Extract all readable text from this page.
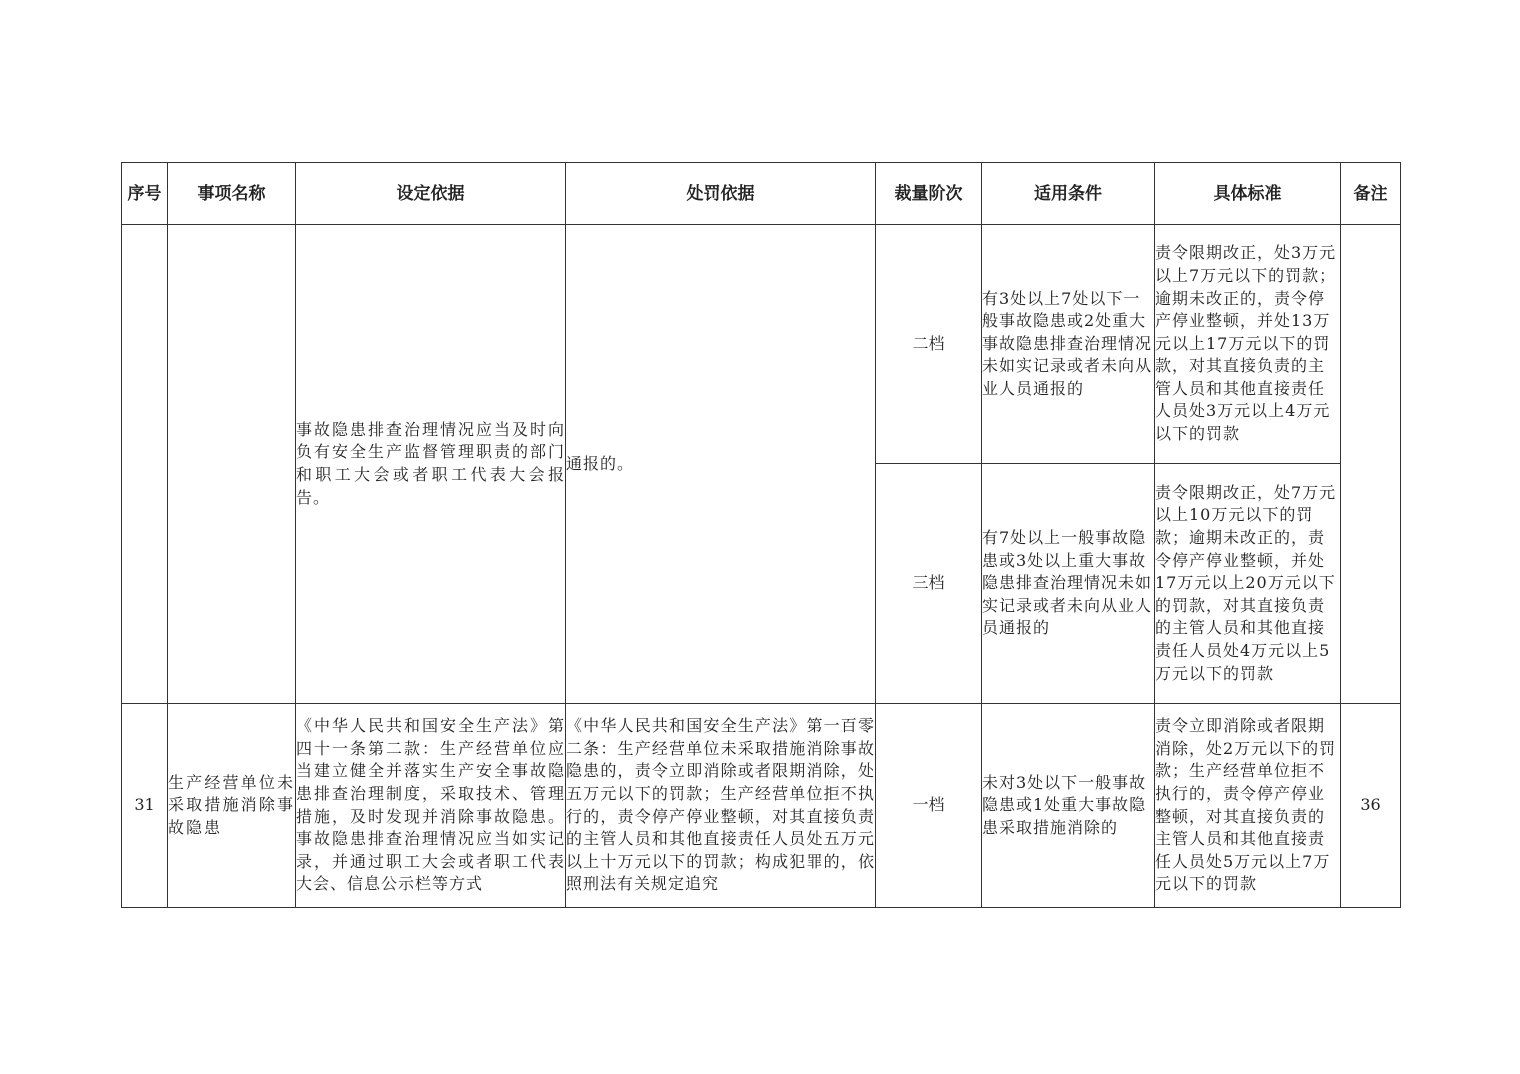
序号	事项名称	设定依据	处罚依据	裁量阶次	适用条件	具体标准	备注
		事故隐患排查治理情况应当及时向负有安全生产监督管理职责的部门和职工大会或者职工代表大会报告。	通报的。	二档	有3处以上7处以下一般事故隐患或2处重大事故隐患排查治理情况未如实记录或者未向从业人员通报的	责令限期改正，处3万元以上7万元以下的罚款；逾期未改正的，责令停产停业整顿，并处13万元以上17万元以下的罚款，对其直接负责的主管人员和其他直接责任人员处3万元以上4万元以下的罚款	
				三档	有7处以上一般事故隐患或3处以上重大事故隐患排查治理情况未如实记录或者未向从业人员通报的	责令限期改正，处7万元以上10万元以下的罚款；逾期未改正的，责令停产停业整顿，并处17万元以上20万元以下的罚款，对其直接负责的主管人员和其他直接责任人员处4万元以上5万元以下的罚款	
31	生产经营单位未采取措施消除事故隐患	《中华人民共和国安全生产法》第四十一条第二款：生产经营单位应当建立健全并落实生产安全事故隐患排查治理制度，采取技术、管理措施，及时发现并消除事故隐患。事故隐患排查治理情况应当如实记录，并通过职工大会或者职工代表大会、信息公示栏等方式	《中华人民共和国安全生产法》第一百零二条：生产经营单位未采取措施消除事故隐患的，责令立即消除或者限期消除，处五万元以下的罚款；生产经营单位拒不执行的，责令停产停业整顿，对其直接负责的主管人员和其他直接责任人员处五万元以上十万元以下的罚款；构成犯罪的，依照刑法有关规定追究	一档	未对3处以下一般事故隐患或1处重大事故隐患采取措施消除的	责令立即消除或者限期消除，处2万元以下的罚款；生产经营单位拒不执行的，责令停产停业整顿，对其直接负责的主管人员和其他直接责任人员处5万元以上7万元以下的罚款	36
